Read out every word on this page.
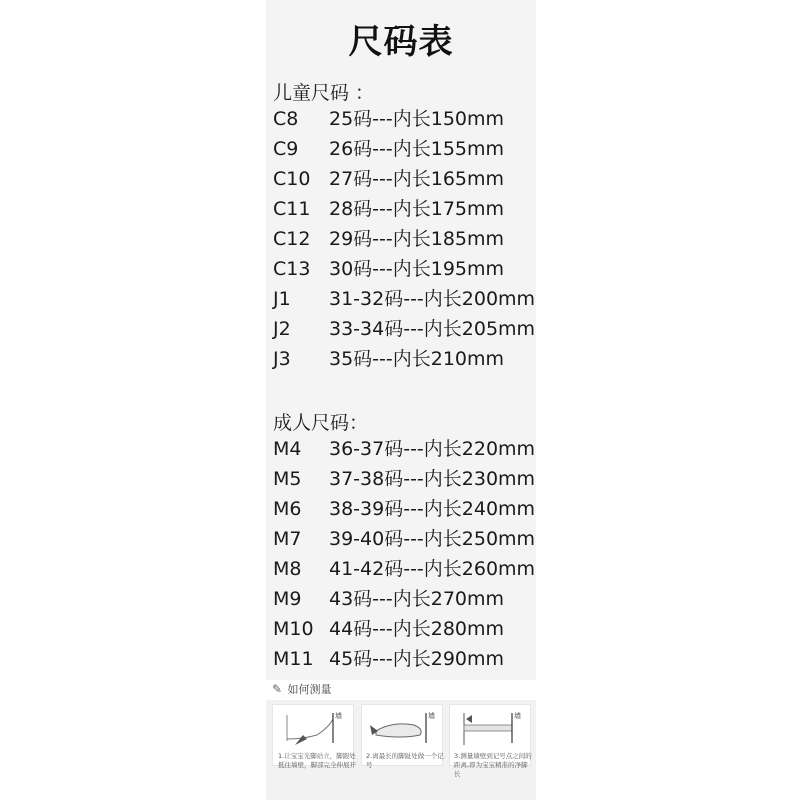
尺码表
儿童尺码 ：
C8 25码---内长150mm
C9 26码---内长155mm
C10 27码---内长165mm
C11 28码---内长175mm
C12 29码---内长185mm
C13 30码---内长195mm
J1 31-32码---内长200mm
J2 33-34码---内长205mm
J3 35码---内长210mm
成人尺码：
M4 36-37码---内长220mm
M5 37-38码---内长230mm
M6 38-39码---内长240mm
M7 39-40码---内长250mm
M8 41-42码---内长260mm
M9 43码---内长270mm
M10 44码---内长280mm
M11 45码---内长290mm
✎ 如何测量
墙	墙	墙
1.让宝宝光脚站立，脚跟处抵住墙壁，脚部完全伸展开
2.离最长的脚趾处做一个记号
3.测量墙壁到记号点之间的距离,即为宝宝精准的净脚长
